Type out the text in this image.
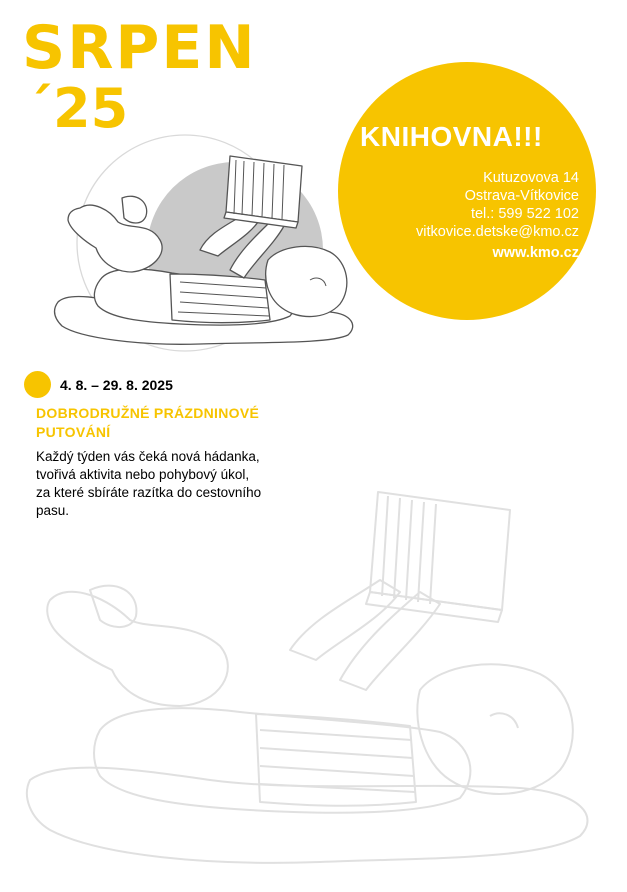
SRPEN
´25	KNIHOVNA!!!
Kutuzovova 14
Ostrava-Vítkovice
tel.: 599 522 102
vitkovice.detske@kmo.cz
www.kmo.cz
4. 8. – 29. 8. 2025
DOBRODRUŽNÉ PRÁZDNINOVÉ
PUTOVÁNÍ
Každý týden vás čeká nová hádanka,
tvořivá aktivita nebo pohybový úkol,
za které sbíráte razítka do cestovního
pasu.
